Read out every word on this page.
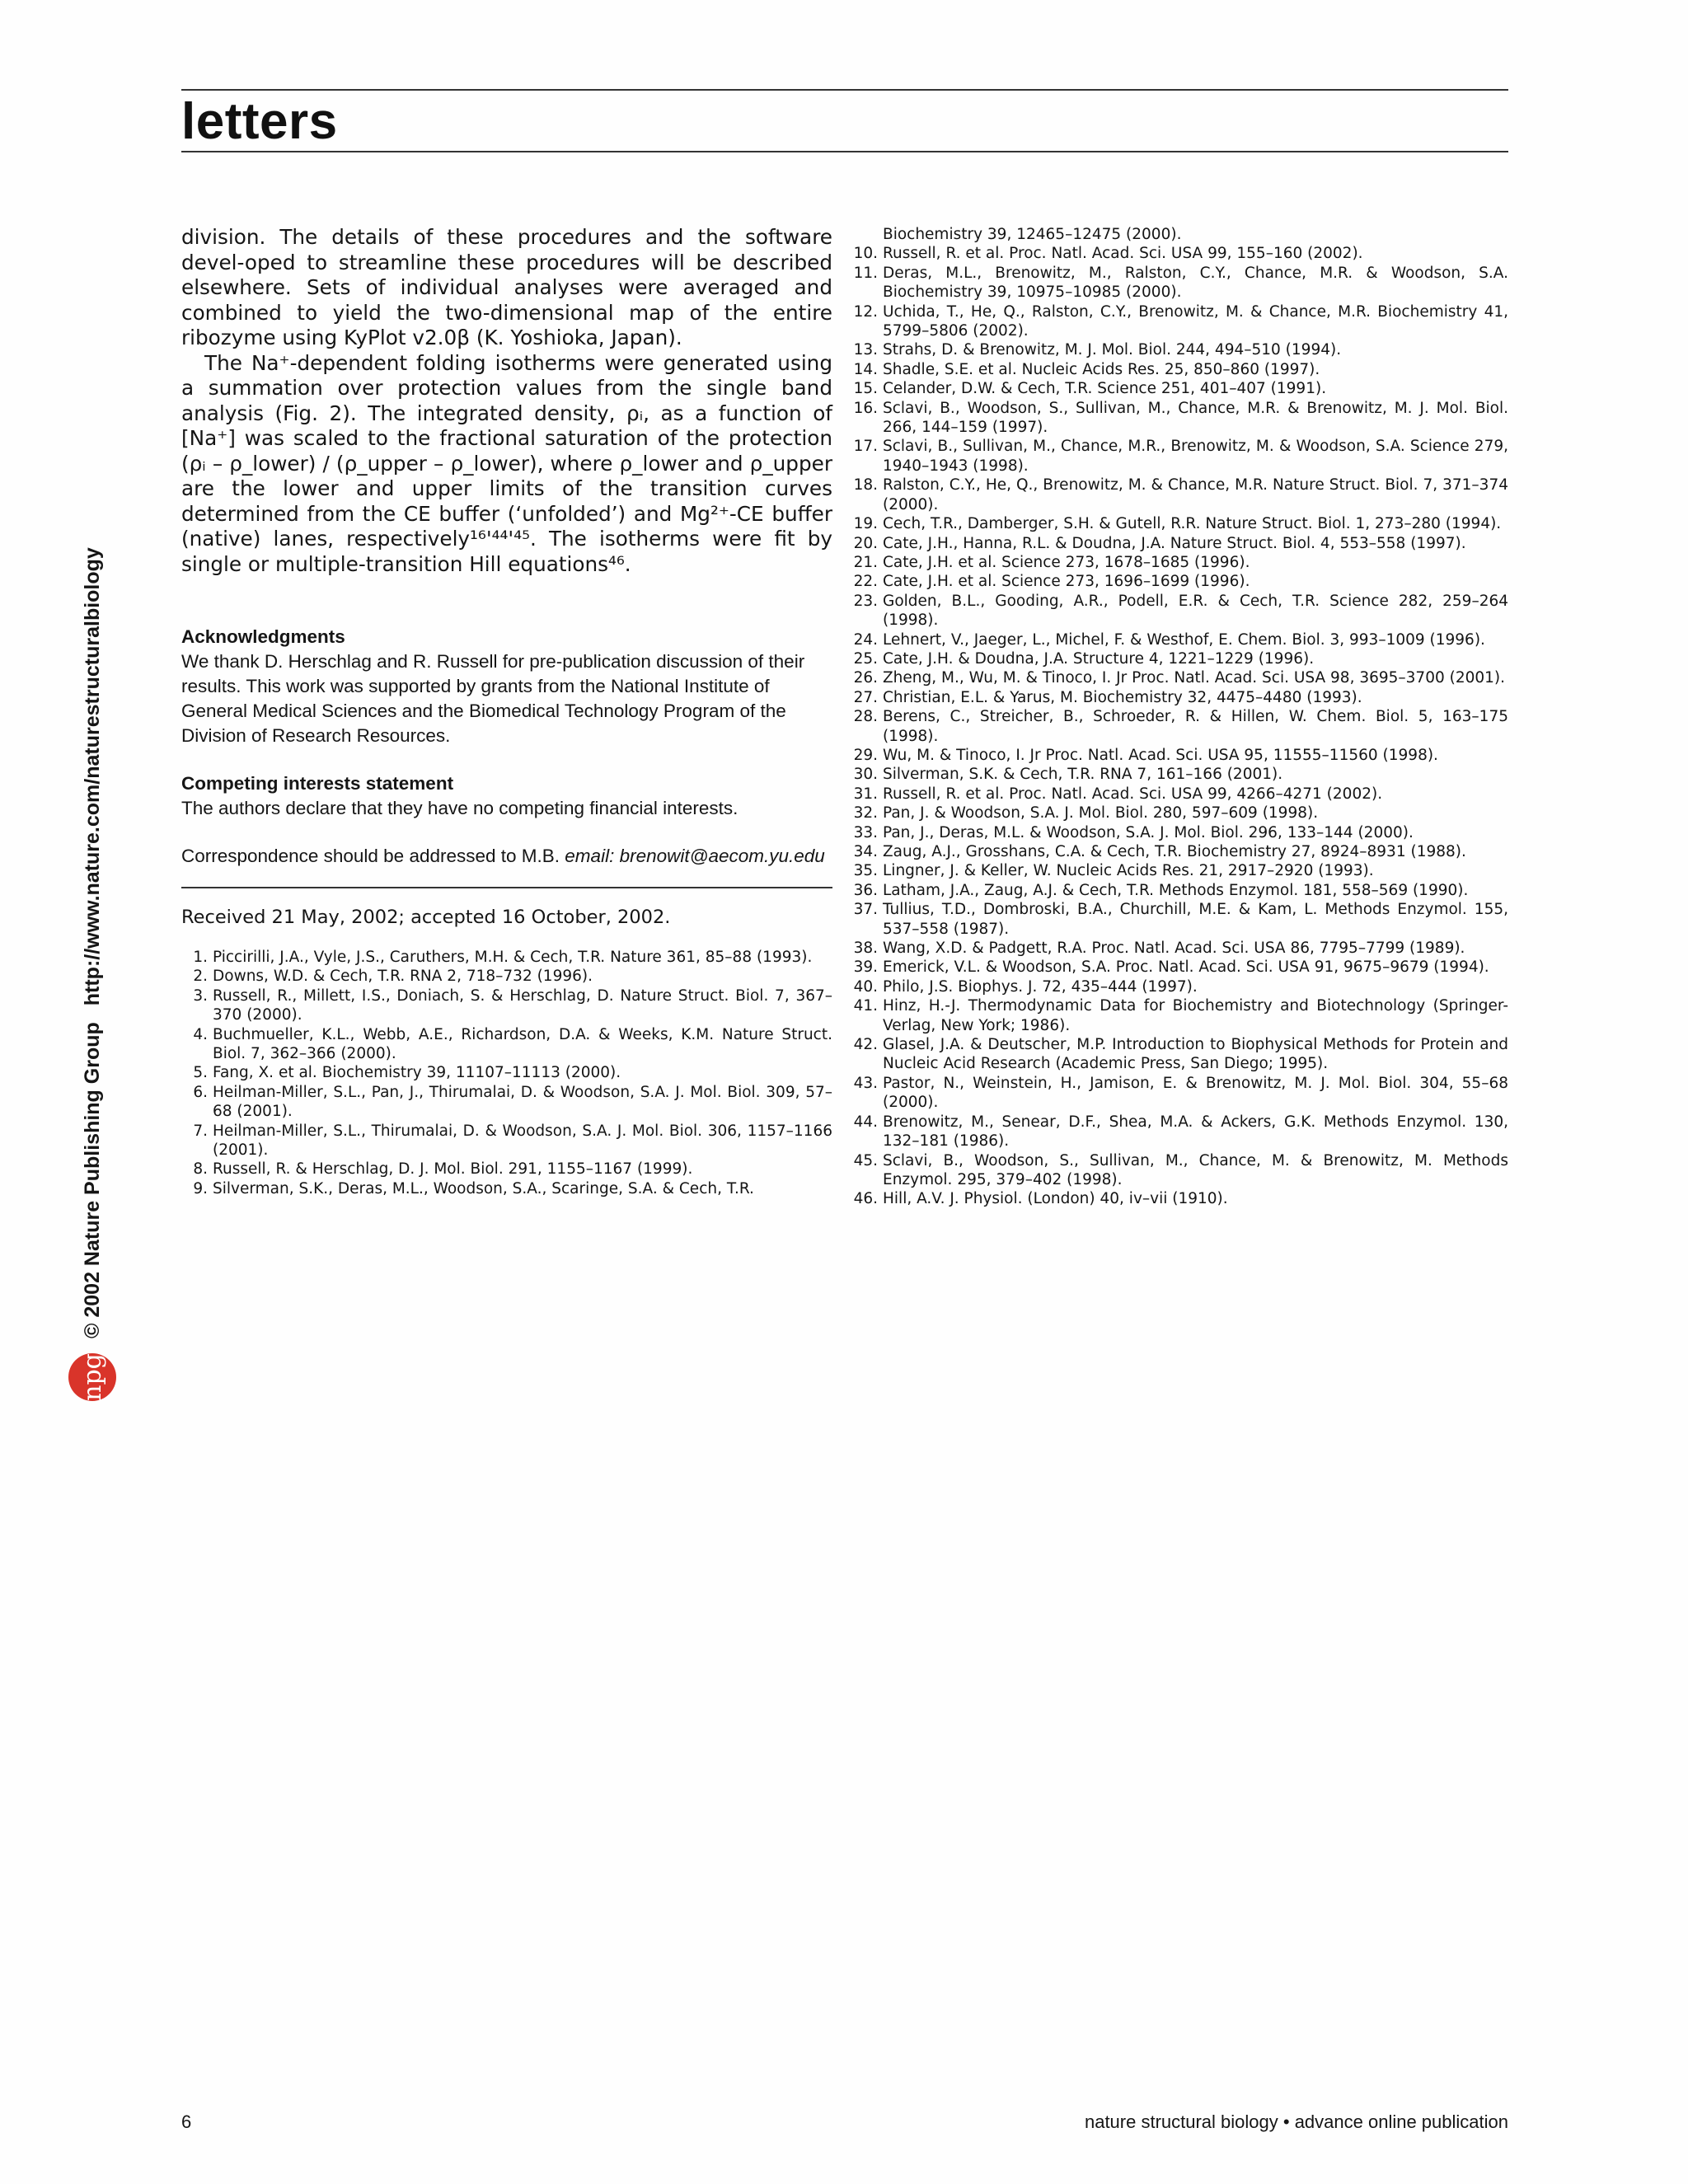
letters
npg
© 2002 Nature Publishing Group
http://www.nature.com/naturestructuralbiology

division. The details of these procedures and the software devel-oped to streamline these procedures will be described elsewhere. Sets of individual analyses were averaged and combined to yield the two-dimensional map of the entire ribozyme using KyPlot v2.0β (K. Yoshioka, Japan).

The Na⁺-dependent folding isotherms were generated using a summation over protection values from the single band analysis (Fig. 2). The integrated density, ρᵢ, as a function of [Na⁺] was scaled to the fractional saturation of the protection (ρᵢ – ρ_lower) / (ρ_upper – ρ_lower), where ρ_lower and ρ_upper are the lower and upper limits of the transition curves determined from the CE buffer (‘unfolded’) and Mg²⁺-CE buffer (native) lanes, respectively¹⁶'⁴⁴'⁴⁵. The isotherms were fit by single or multiple-transition Hill equations⁴⁶.

Acknowledgments

We thank D. Herschlag and R. Russell for pre-publication discussion of their results. This work was supported by grants from the National Institute of General Medical Sciences and the Biomedical Technology Program of the Division of Research Resources.

Competing interests statement

The authors declare that they have no competing financial interests.

Correspondence should be addressed to M.B. email: brenowit@aecom.yu.edu

Received 21 May, 2002; accepted 16 October, 2002.

1. Piccirilli, J.A., Vyle, J.S., Caruthers, M.H. & Cech, T.R. Nature 361, 85–88 (1993).
2. Downs, W.D. & Cech, T.R. RNA 2, 718–732 (1996).
3. Russell, R., Millett, I.S., Doniach, S. & Herschlag, D. Nature Struct. Biol. 7, 367–370 (2000).
4. Buchmueller, K.L., Webb, A.E., Richardson, D.A. & Weeks, K.M. Nature Struct. Biol. 7, 362–366 (2000).
5. Fang, X. et al. Biochemistry 39, 11107–11113 (2000).
6. Heilman-Miller, S.L., Pan, J., Thirumalai, D. & Woodson, S.A. J. Mol. Biol. 309, 57–68 (2001).
7. Heilman-Miller, S.L., Thirumalai, D. & Woodson, S.A. J. Mol. Biol. 306, 1157–1166 (2001).
8. Russell, R. & Herschlag, D. J. Mol. Biol. 291, 1155–1167 (1999).
9. Silverman, S.K., Deras, M.L., Woodson, S.A., Scaringe, S.A. & Cech, T.R.
Biochemistry 39, 12465–12475 (2000).
10. Russell, R. et al. Proc. Natl. Acad. Sci. USA 99, 155–160 (2002).
11. Deras, M.L., Brenowitz, M., Ralston, C.Y., Chance, M.R. & Woodson, S.A. Biochemistry 39, 10975–10985 (2000).
12. Uchida, T., He, Q., Ralston, C.Y., Brenowitz, M. & Chance, M.R. Biochemistry 41, 5799–5806 (2002).
13. Strahs, D. & Brenowitz, M. J. Mol. Biol. 244, 494–510 (1994).
14. Shadle, S.E. et al. Nucleic Acids Res. 25, 850–860 (1997).
15. Celander, D.W. & Cech, T.R. Science 251, 401–407 (1991).
16. Sclavi, B., Woodson, S., Sullivan, M., Chance, M.R. & Brenowitz, M. J. Mol. Biol. 266, 144–159 (1997).
17. Sclavi, B., Sullivan, M., Chance, M.R., Brenowitz, M. & Woodson, S.A. Science 279, 1940–1943 (1998).
18. Ralston, C.Y., He, Q., Brenowitz, M. & Chance, M.R. Nature Struct. Biol. 7, 371–374 (2000).
19. Cech, T.R., Damberger, S.H. & Gutell, R.R. Nature Struct. Biol. 1, 273–280 (1994).
20. Cate, J.H., Hanna, R.L. & Doudna, J.A. Nature Struct. Biol. 4, 553–558 (1997).
21. Cate, J.H. et al. Science 273, 1678–1685 (1996).
22. Cate, J.H. et al. Science 273, 1696–1699 (1996).
23. Golden, B.L., Gooding, A.R., Podell, E.R. & Cech, T.R. Science 282, 259–264 (1998).
24. Lehnert, V., Jaeger, L., Michel, F. & Westhof, E. Chem. Biol. 3, 993–1009 (1996).
25. Cate, J.H. & Doudna, J.A. Structure 4, 1221–1229 (1996).
26. Zheng, M., Wu, M. & Tinoco, I. Jr Proc. Natl. Acad. Sci. USA 98, 3695–3700 (2001).
27. Christian, E.L. & Yarus, M. Biochemistry 32, 4475–4480 (1993).
28. Berens, C., Streicher, B., Schroeder, R. & Hillen, W. Chem. Biol. 5, 163–175 (1998).
29. Wu, M. & Tinoco, I. Jr Proc. Natl. Acad. Sci. USA 95, 11555–11560 (1998).
30. Silverman, S.K. & Cech, T.R. RNA 7, 161–166 (2001).
31. Russell, R. et al. Proc. Natl. Acad. Sci. USA 99, 4266–4271 (2002).
32. Pan, J. & Woodson, S.A. J. Mol. Biol. 280, 597–609 (1998).
33. Pan, J., Deras, M.L. & Woodson, S.A. J. Mol. Biol. 296, 133–144 (2000).
34. Zaug, A.J., Grosshans, C.A. & Cech, T.R. Biochemistry 27, 8924–8931 (1988).
35. Lingner, J. & Keller, W. Nucleic Acids Res. 21, 2917–2920 (1993).
36. Latham, J.A., Zaug, A.J. & Cech, T.R. Methods Enzymol. 181, 558–569 (1990).
37. Tullius, T.D., Dombroski, B.A., Churchill, M.E. & Kam, L. Methods Enzymol. 155, 537–558 (1987).
38. Wang, X.D. & Padgett, R.A. Proc. Natl. Acad. Sci. USA 86, 7795–7799 (1989).
39. Emerick, V.L. & Woodson, S.A. Proc. Natl. Acad. Sci. USA 91, 9675–9679 (1994).
40. Philo, J.S. Biophys. J. 72, 435–444 (1997).
41. Hinz, H.-J. Thermodynamic Data for Biochemistry and Biotechnology (Springer-Verlag, New York; 1986).
42. Glasel, J.A. & Deutscher, M.P. Introduction to Biophysical Methods for Protein and Nucleic Acid Research (Academic Press, San Diego; 1995).
43. Pastor, N., Weinstein, H., Jamison, E. & Brenowitz, M. J. Mol. Biol. 304, 55–68 (2000).
44. Brenowitz, M., Senear, D.F., Shea, M.A. & Ackers, G.K. Methods Enzymol. 130, 132–181 (1986).
45. Sclavi, B., Woodson, S., Sullivan, M., Chance, M. & Brenowitz, M. Methods Enzymol. 295, 379–402 (1998).
46. Hill, A.V. J. Physiol. (London) 40, iv–vii (1910).
6	nature structural biology • advance online publication
